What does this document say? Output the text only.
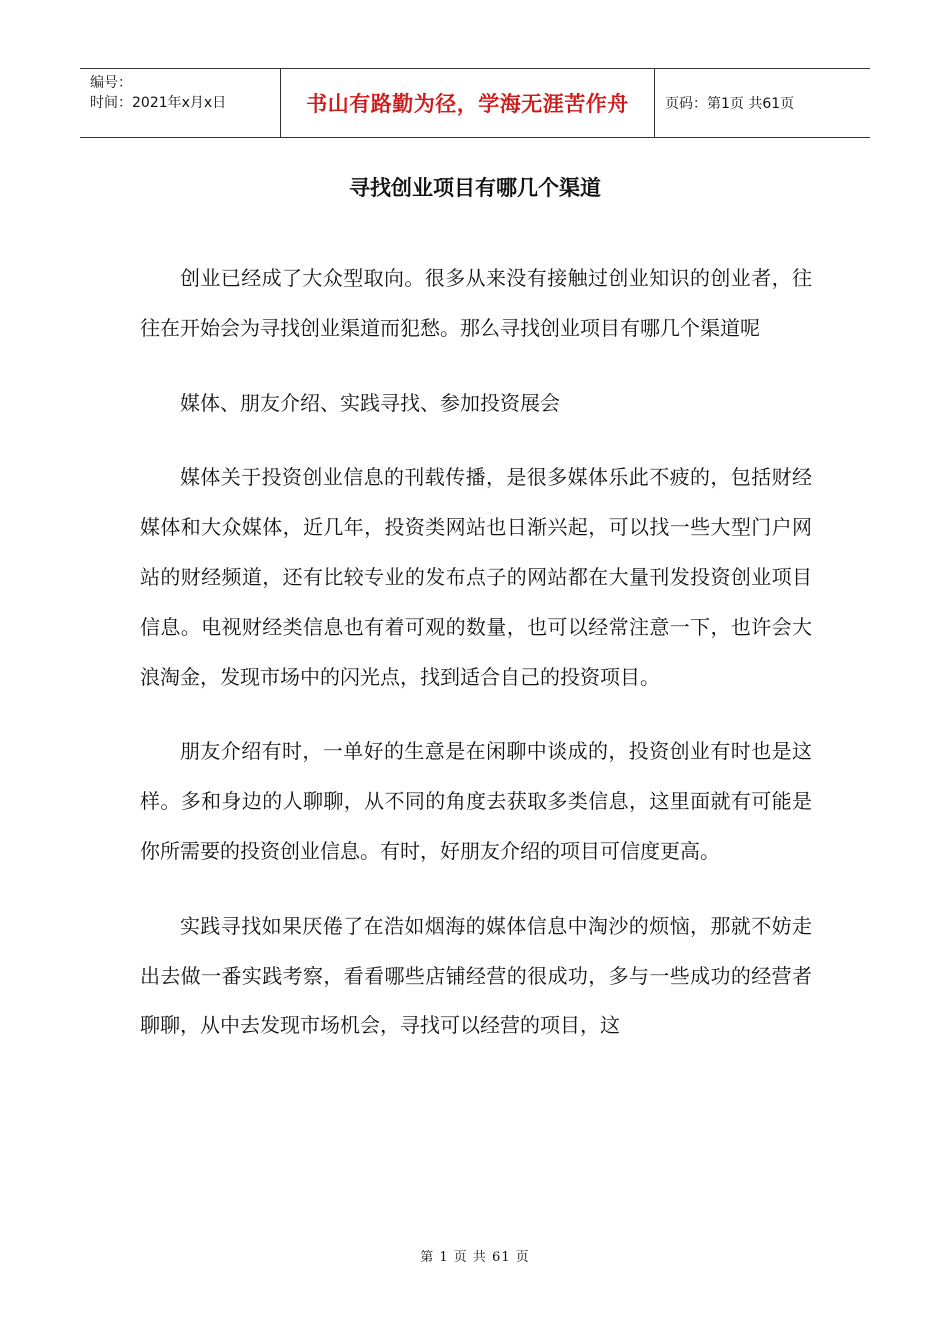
编号：
时间：2021年x月x日	书山有路勤为径，学海无涯苦作舟	页码：第1页 共61页
寻找创业项目有哪几个渠道

创业已经成了大众型取向。很多从来没有接触过创业知识的创业者，往往在开始会为寻找创业渠道而犯愁。那么寻找创业项目有哪几个渠道呢

媒体、朋友介绍、实践寻找、参加投资展会

媒体关于投资创业信息的刊载传播，是很多媒体乐此不疲的，包括财经媒体和大众媒体，近几年，投资类网站也日渐兴起，可以找一些大型门户网站的财经频道，还有比较专业的发布点子的网站都在大量刊发投资创业项目信息。电视财经类信息也有着可观的数量，也可以经常注意一下，也许会大浪淘金，发现市场中的闪光点，找到适合自己的投资项目。

朋友介绍有时，一单好的生意是在闲聊中谈成的，投资创业有时也是这样。多和身边的人聊聊，从不同的角度去获取多类信息，这里面就有可能是你所需要的投资创业信息。有时，好朋友介绍的项目可信度更高。

实践寻找如果厌倦了在浩如烟海的媒体信息中淘沙的烦恼，那就不妨走出去做一番实践考察，看看哪些店铺经营的很成功，多与一些成功的经营者聊聊，从中去发现市场机会，寻找可以经营的项目，这

第 1 页 共 61 页
